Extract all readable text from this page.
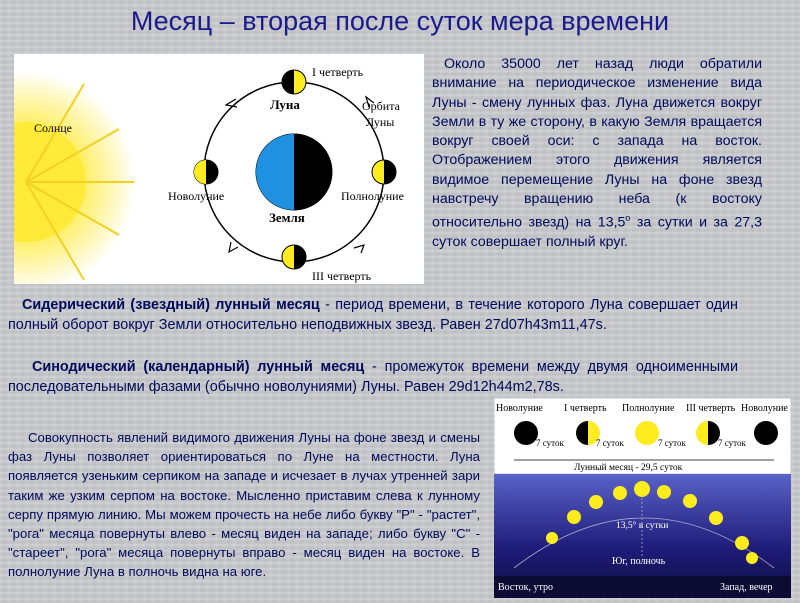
Месяц – вторая после суток мера времени
Солнце
Земля
I четверть
Луна	Орбита
Луны
Новолуние	Полнолуние
III четверть
Около 35000 лет назад люди обратили внимание на периодическое изменение вида Луны - смену лунных фаз. Луна движется вокруг Земли в ту же сторону, в какую Земля вращается вокруг своей оси: с запада на восток. Отображением этого движения является видимое перемещение Луны на фоне звезд навстречу вращению неба (к востоку относительно звезд) на $13,5^о$ за сутки и за 27,3 суток совершает полный круг.
Сидерический (звездный) лунный месяц - период времени, в течение которого Луна совершает один полный оборот вокруг Земли относительно неподвижных звезд. Равен 27d07h43m11,47s.
Синодический (календарный) лунный месяц - промежуток времени между двумя одноименными последовательными фазами (обычно новолуниями) Луны. Равен 29d12h44m2,78s.
Совокупность явлений видимого движения Луны на фоне звезд и смены фаз Луны позволяет ориентироваться по Луне на местности. Луна появляется узеньким серпиком на западе и исчезает в лучах утренней зари таким же узким серпом на востоке. Мысленно приставим слева к лунному серпу прямую линию. Мы можем прочесть на небе либо букву "Р" - "растет", "рога" месяца повернуты влево - месяц виден на западе; либо букву "С" - "стареет", "рога" месяца повернуты вправо - месяц виден на востоке. В полнолуние Луна в полночь видна на юге.
Новолуние I четверть Полнолуние III четверть Новолуние
7 суток	7 суток	7 суток	7 суток
Лунный месяц - 29,5 суток
13,5° в сутки
Юг, полночь
Восток, утро	Запад, вечер
